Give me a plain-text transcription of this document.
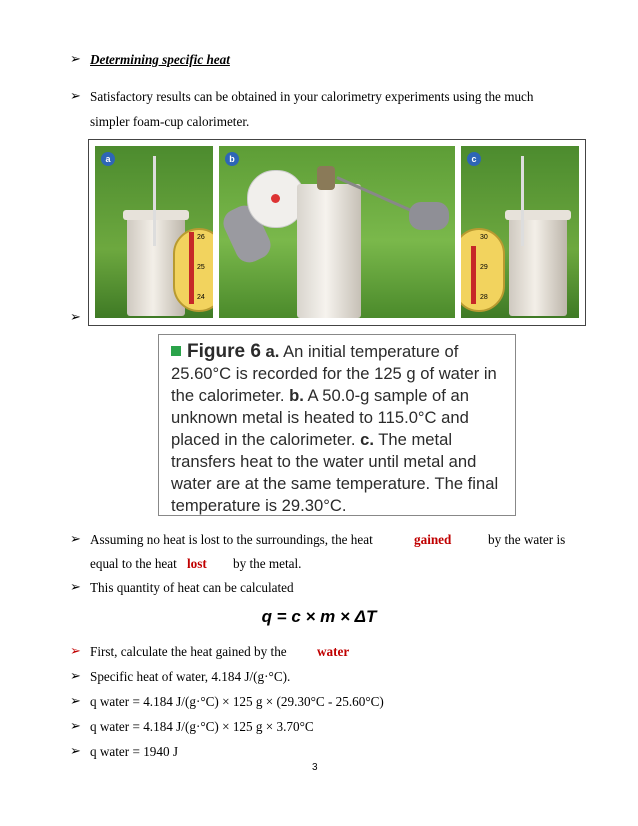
➢ Determining specific heat
➢ Satisfactory results can be obtained in your calorimetry experiments using the much
simpler foam-cup calorimeter.
a
26
25
24
b	c
30
29
28
➢
Figure 6 a. An initial temperature of 25.60°C is recorded for the 125 g of water in the calorimeter. b. A 50.0-g sample of an unknown metal is heated to 115.0°C and placed in the calorimeter. c. The metal transfers heat to the water until metal and water are at the same temperature. The final temperature is 29.30°C.
➢ Assuming no heat is lost to the surroundings, the heat	gained	by the water is
equal to the heat lost by the metal.
➢ This quantity of heat can be calculated
q = c × m × ΔT
➢ First, calculate the heat gained by the water
➢ Specific heat of water, 4.184 J/(g·°C).
➢ q water = 4.184 J/(g·°C) × 125 g × (29.30°C - 25.60°C)
➢ q water = 4.184 J/(g·°C) × 125 g × 3.70°C
➢ q water = 1940 J
3
